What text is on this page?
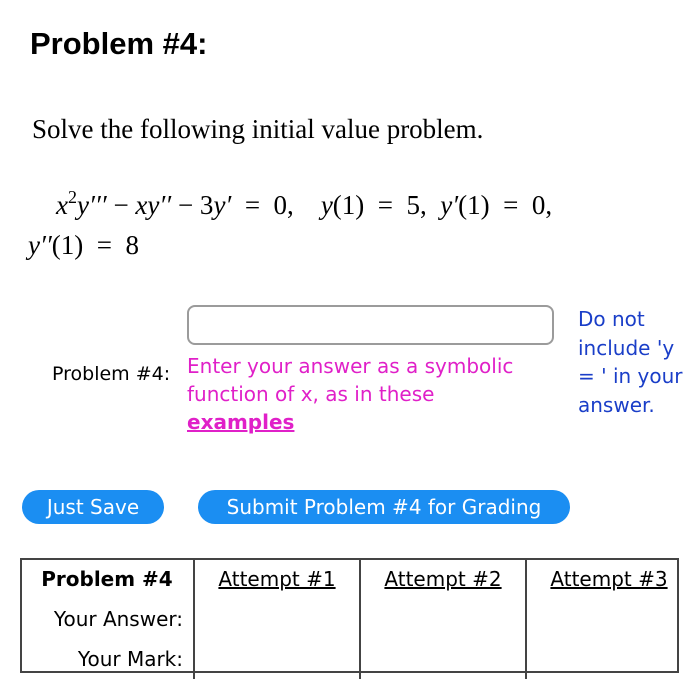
Problem #4:
Solve the following initial value problem.
$x^2y''' - xy'' - 3y' = 0$,    y(1)  =  5,  y′(1)  =  0,
y′′(1)  =  8
Problem #4: Enter your answer as a symbolic function of x, as in these
examples
Do not include 'y = ' in your answer.
Just Save	Submit Problem #4 for Grading
Problem #4	Attempt #1	Attempt #2	Attempt #3

Your Answer:			
Your Mark:			
